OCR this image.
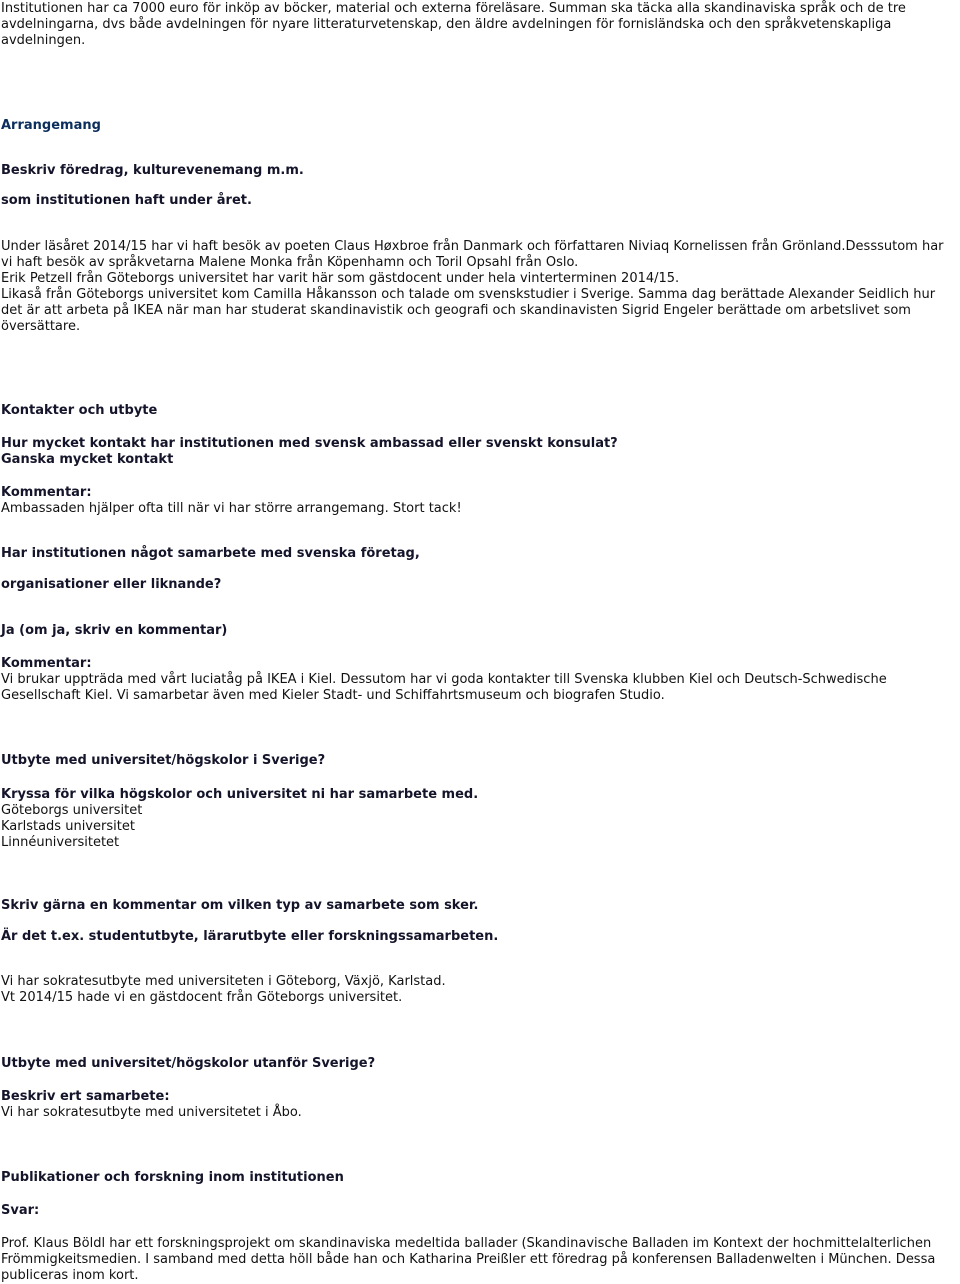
Institutionen har ca 7000 euro för inköp av böcker, material och externa föreläsare. Summan ska täcka alla skandinaviska språk och de tre avdelningarna, dvs både avdelningen för nyare litteraturvetenskap, den äldre avdelningen för fornisländska och den språkvetenskapliga avdelningen.

Arrangemang

Beskriv föredrag, kulturevenemang m.m.

som institutionen haft under året.

Under läsåret 2014/15 har vi haft besök av poeten Claus Høxbroe från Danmark och författaren Niviaq Kornelissen från Grönland.Desssutom har vi haft besök av språkvetarna Malene Monka från Köpenhamn och Toril Opsahl från Oslo.

Erik Petzell från Göteborgs universitet har varit här som gästdocent under hela vinterterminen 2014/15.

Likaså från Göteborgs universitet kom Camilla Håkansson och talade om svenskstudier i Sverige. Samma dag berättade Alexander Seidlich hur det är att arbeta på IKEA när man har studerat skandinavistik och geografi och skandinavisten Sigrid Engeler berättade om arbetslivet som översättare.

Kontakter och utbyte

Hur mycket kontakt har institutionen med svensk ambassad eller svenskt konsulat?

Ganska mycket kontakt

Kommentar:

Ambassaden hjälper ofta till när vi har större arrangemang. Stort tack!

Har institutionen något samarbete med svenska företag,

organisationer eller liknande?

Ja (om ja, skriv en kommentar)

Kommentar:

Vi brukar uppträda med vårt luciatåg på IKEA i Kiel. Dessutom har vi goda kontakter till Svenska klubben Kiel och Deutsch-Schwedische Gesellschaft Kiel. Vi samarbetar även med Kieler Stadt- und Schiffahrtsmuseum och biografen Studio.

Utbyte med universitet/högskolor i Sverige?

Kryssa för vilka högskolor och universitet ni har samarbete med.

Göteborgs universitet

Karlstads universitet

Linnéuniversitetet

Skriv gärna en kommentar om vilken typ av samarbete som sker.

Är det t.ex. studentutbyte, lärarutbyte eller forskningssamarbeten.

Vi har sokratesutbyte med universiteten i Göteborg, Växjö, Karlstad.

Vt 2014/15 hade vi en gästdocent från Göteborgs universitet.

Utbyte med universitet/högskolor utanför Sverige?

Beskriv ert samarbete:

Vi har sokratesutbyte med universitetet i Åbo.

Publikationer och forskning inom institutionen

Svar:

Prof. Klaus Böldl har ett forskningsprojekt om skandinaviska medeltida ballader (Skandinavische Balladen im Kontext der hochmittelalterlichen Frömmigkeitsmedien. I samband med detta höll både han och Katharina Preißler ett föredrag på konferensen Balladenwelten i München. Dessa publiceras inom kort.
